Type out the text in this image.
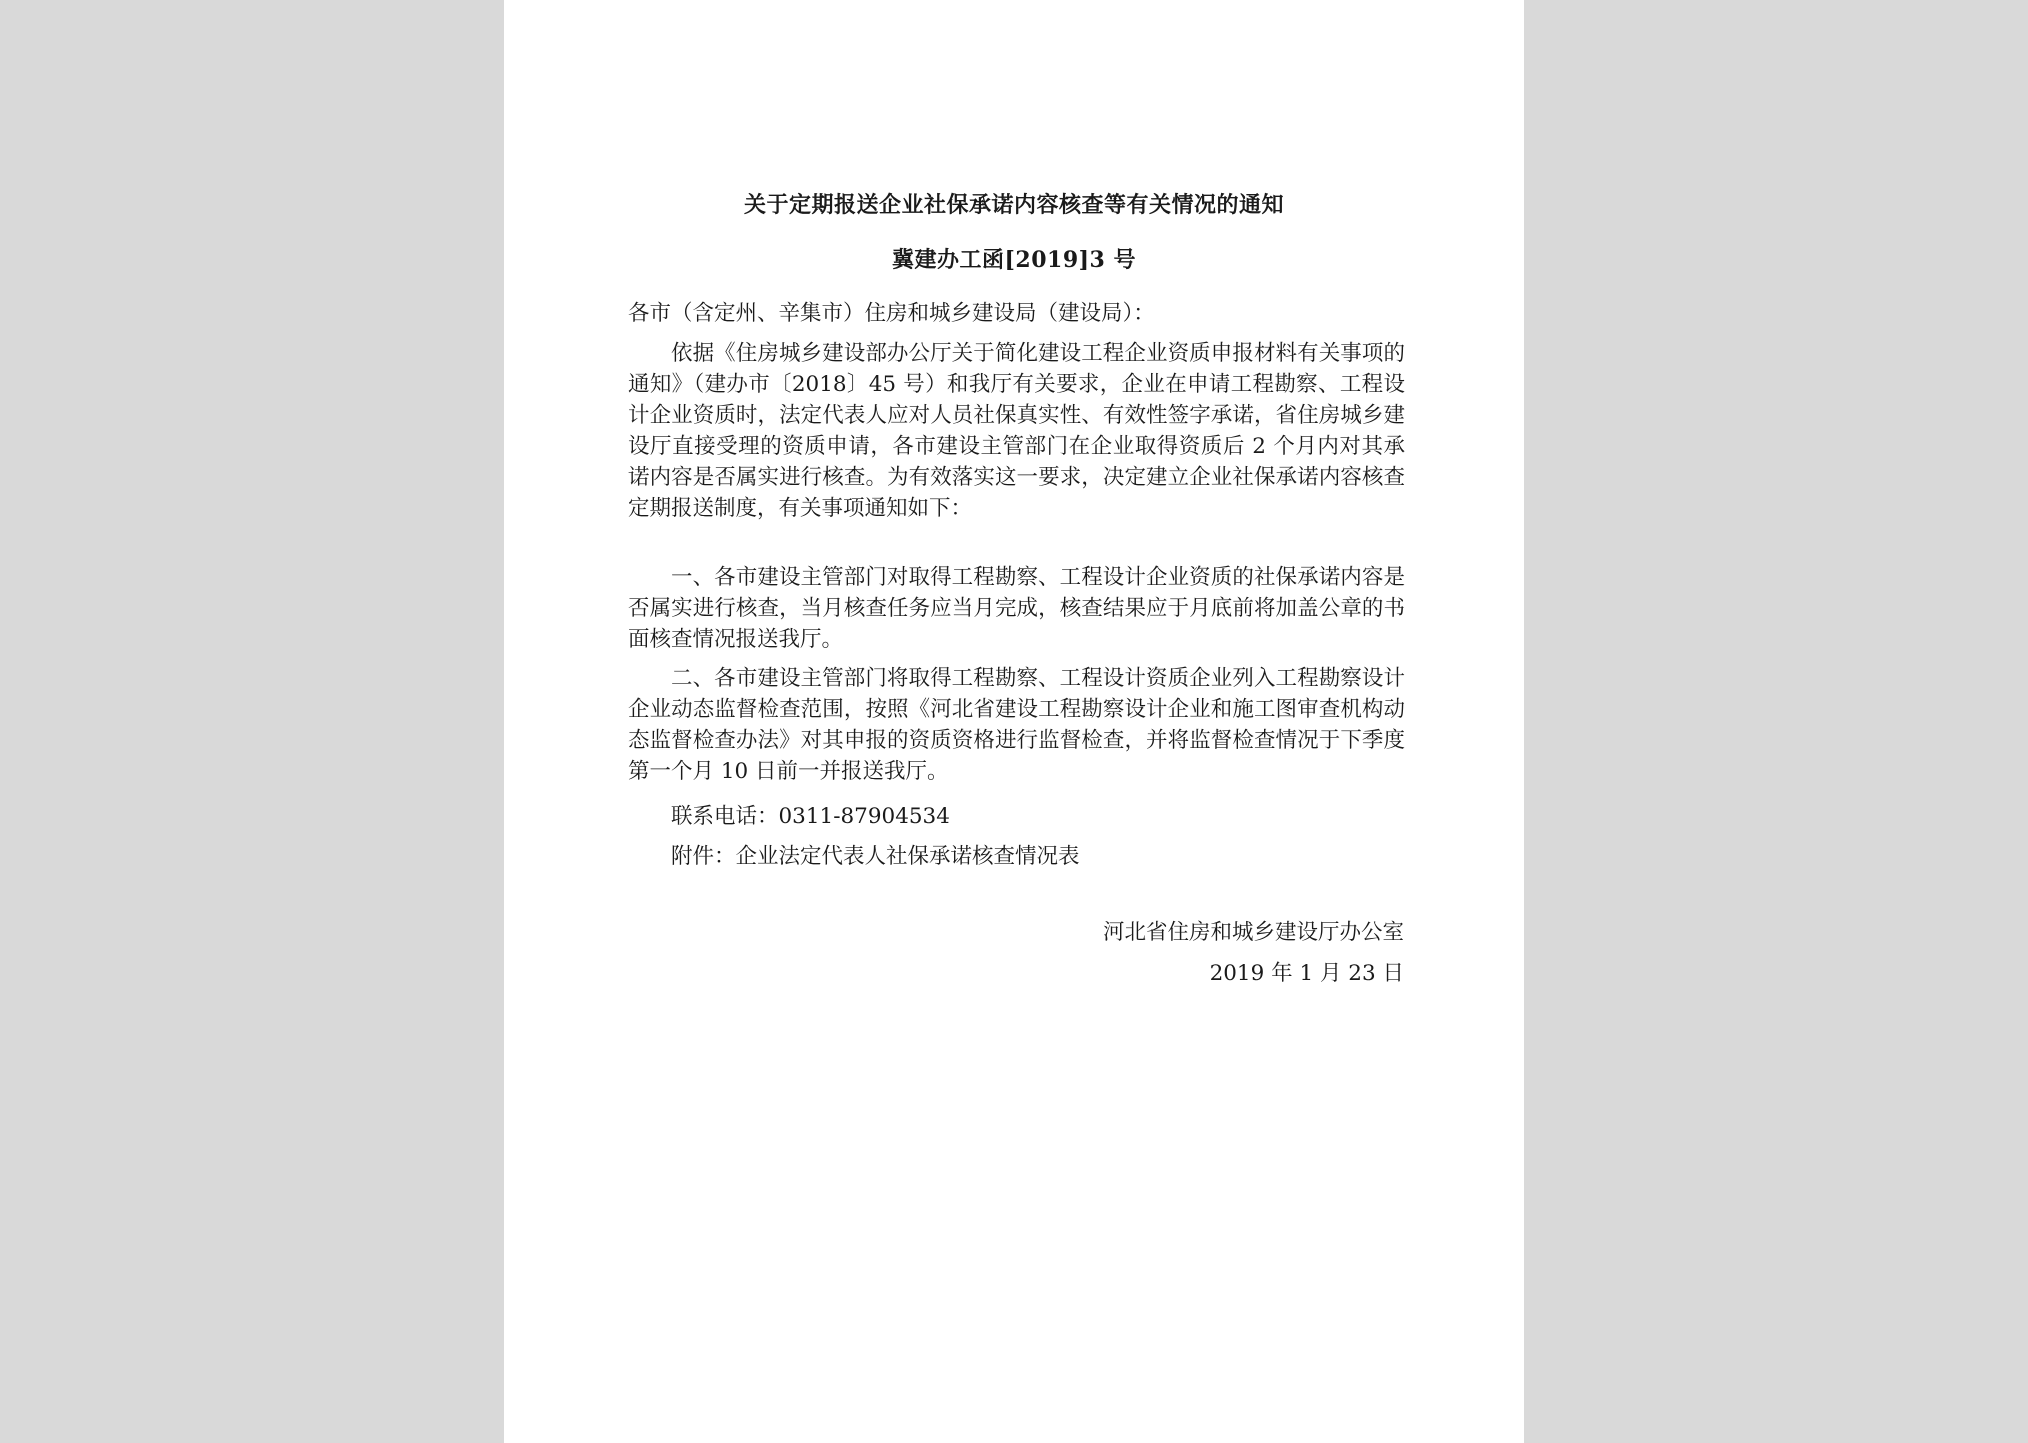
关于定期报送企业社保承诺内容核查等有关情况的通知
冀建办工函[2019]3 号
各市（含定州、辛集市）住房和城乡建设局（建设局）：
依据《住房城乡建设部办公厅关于简化建设工程企业资质申报材料有关事项的通知》（建办市〔2018〕45 号）和我厅有关要求，企业在申请工程勘察、工程设计企业资质时，法定代表人应对人员社保真实性、有效性签字承诺，省住房城乡建设厅直接受理的资质申请，各市建设主管部门在企业取得资质后 2 个月内对其承诺内容是否属实进行核查。为有效落实这一要求，决定建立企业社保承诺内容核查定期报送制度，有关事项通知如下：
一、各市建设主管部门对取得工程勘察、工程设计企业资质的社保承诺内容是否属实进行核查，当月核查任务应当月完成，核查结果应于月底前将加盖公章的书面核查情况报送我厅。
二、各市建设主管部门将取得工程勘察、工程设计资质企业列入工程勘察设计企业动态监督检查范围，按照《河北省建设工程勘察设计企业和施工图审查机构动态监督检查办法》对其申报的资质资格进行监督检查，并将监督检查情况于下季度第一个月 10 日前一并报送我厅。
联系电话：0311-87904534
附件：企业法定代表人社保承诺核查情况表
河北省住房和城乡建设厅办公室
2019 年 1 月 23 日
